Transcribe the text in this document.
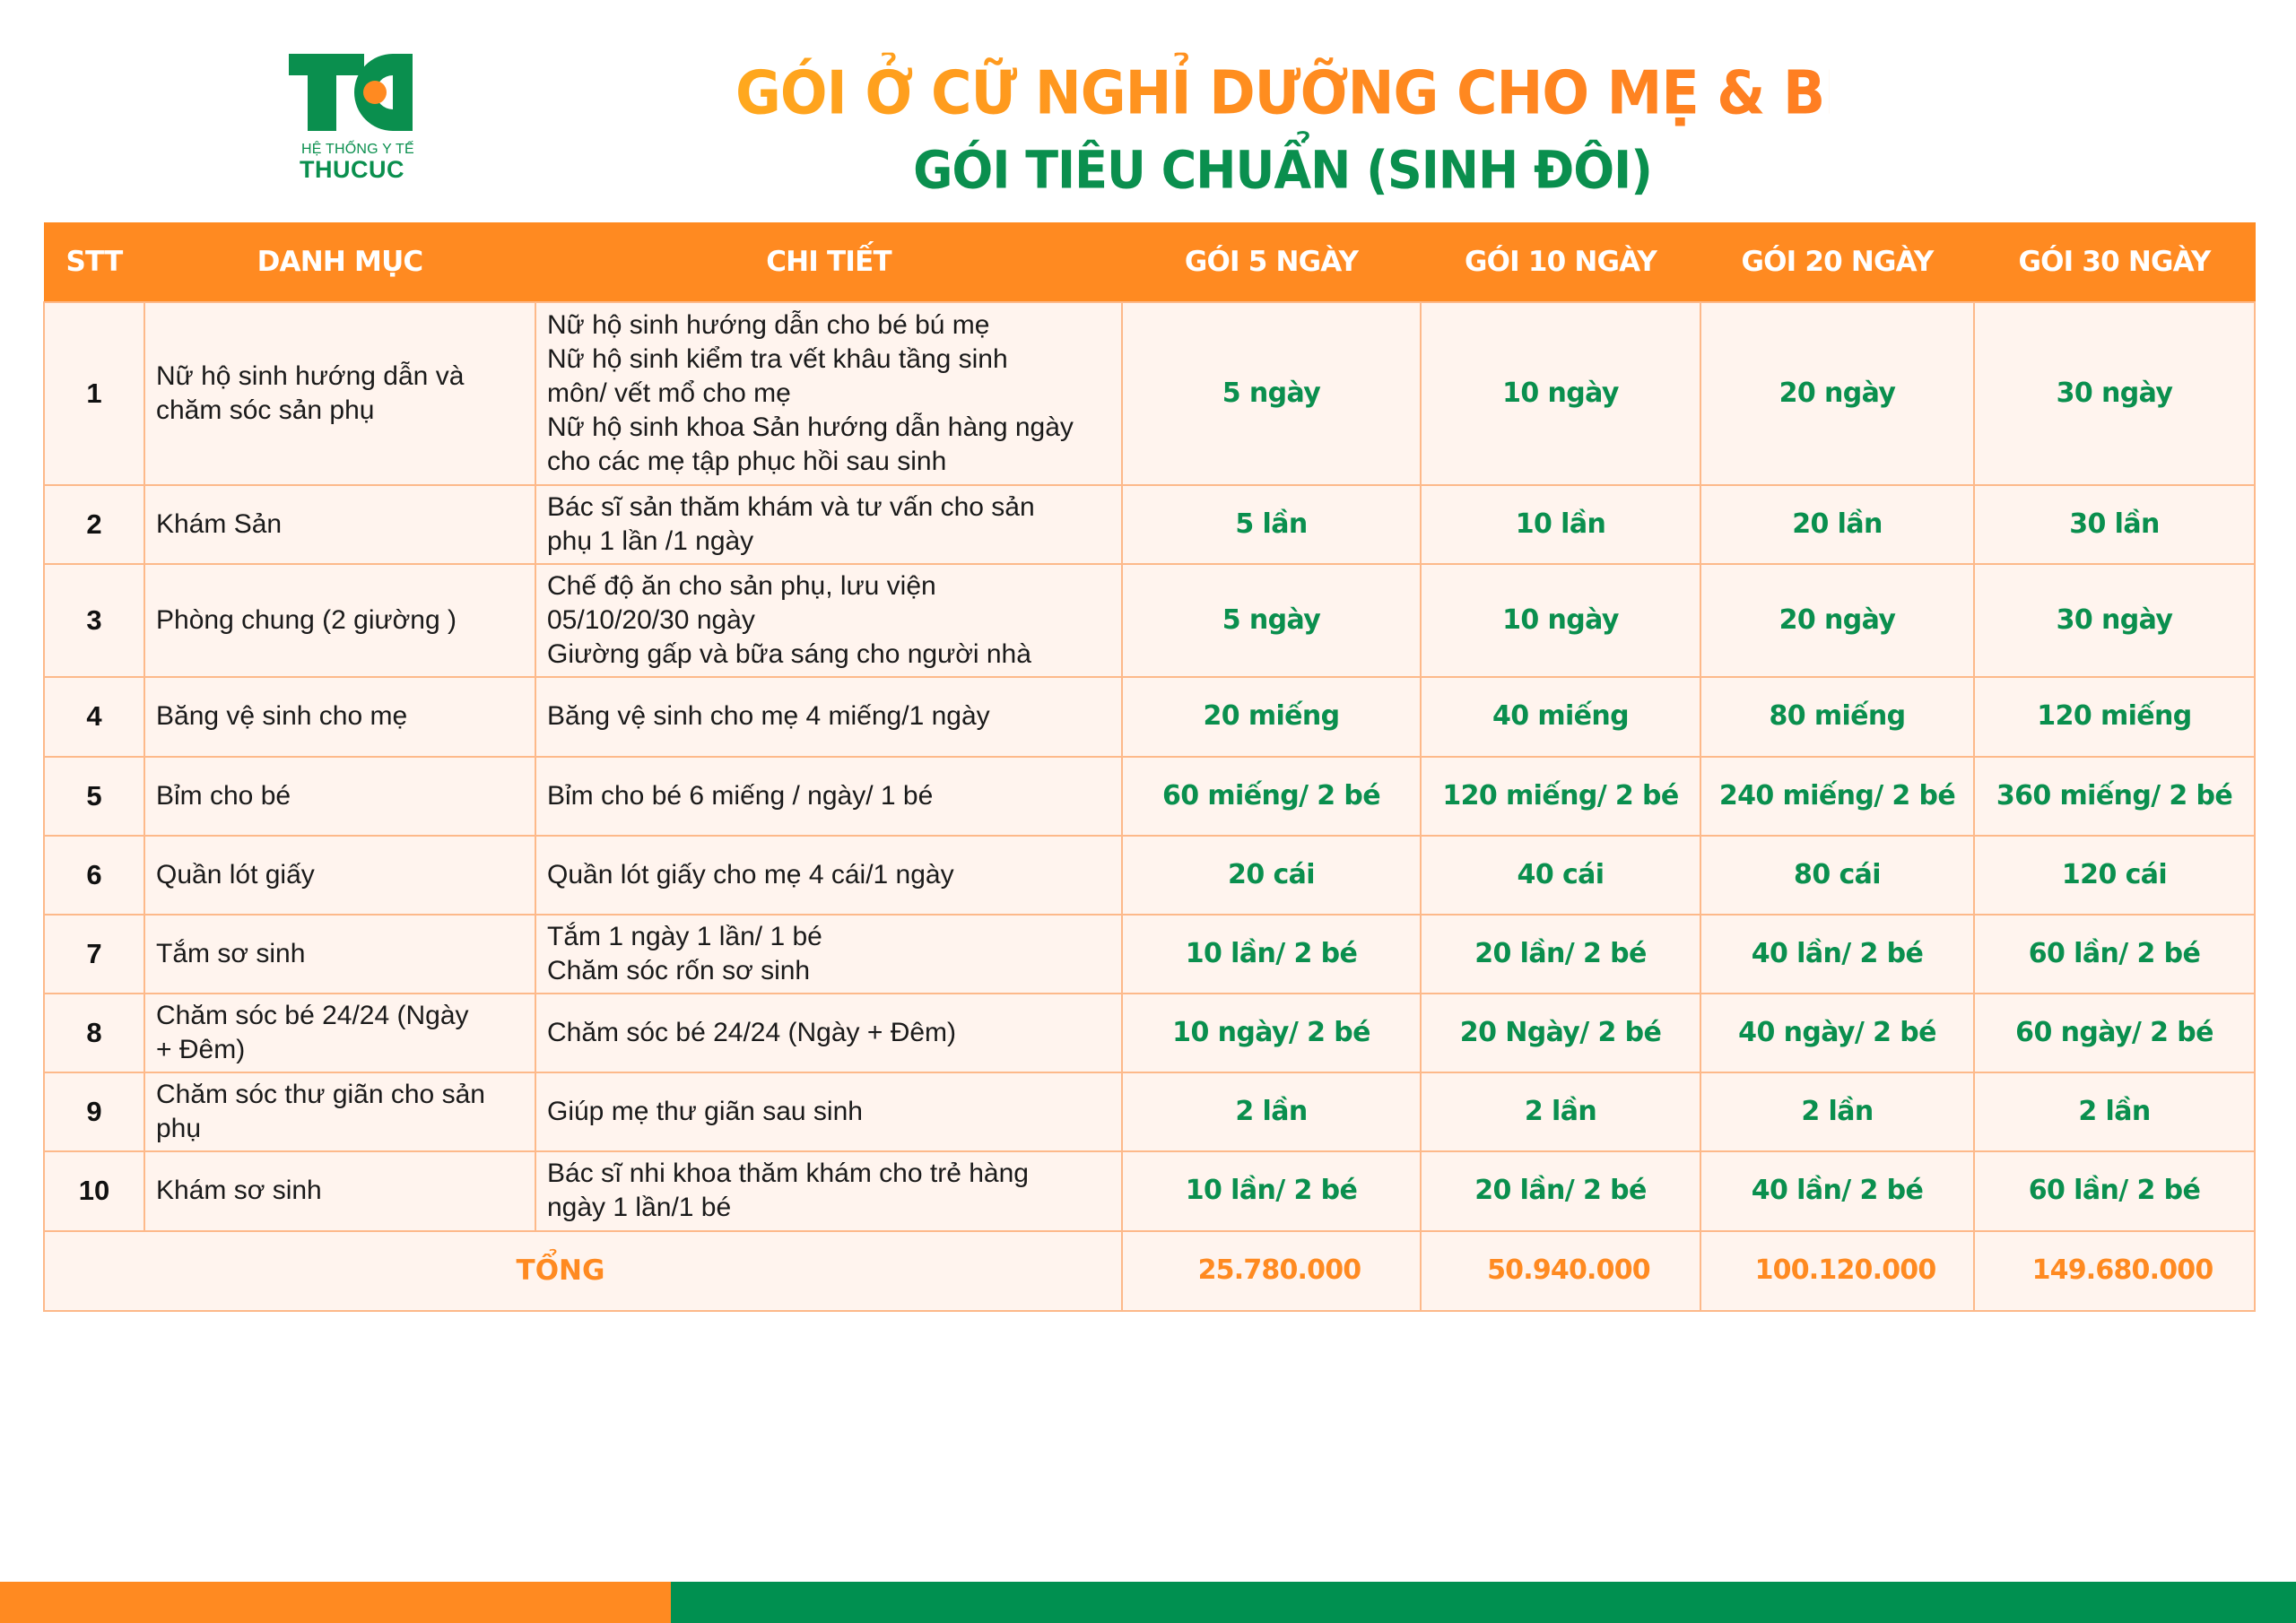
HỆ THỐNG Y TẾ
THUCUC
GÓI Ở CỮ NGHỈ DƯỠNG CHO MẸ & BÉ
GÓI TIÊU CHUẨN (SINH ĐÔI)
STT	DANH MỤC	CHI TIẾT	GÓI 5 NGÀY	GÓI 10 NGÀY	GÓI 20 NGÀY	GÓI 30 NGÀY
1	Nữ hộ sinh hướng dẫn và
chăm sóc sản phụ	Nữ hộ sinh hướng dẫn cho bé bú mẹ
Nữ hộ sinh kiểm tra vết khâu tầng sinh
môn/ vết mổ cho mẹ
Nữ hộ sinh khoa Sản hướng dẫn hàng ngày
cho các mẹ tập phục hồi sau sinh	5 ngày	10 ngày	20 ngày	30 ngày
2	Khám Sản	Bác sĩ sản thăm khám và tư vấn cho sản
phụ 1 lần /1 ngày	5 lần	10 lần	20 lần	30 lần
3	Phòng chung (2 giường )	Chế độ ăn cho sản phụ, lưu viện
05/10/20/30 ngày
Giường gấp và bữa sáng cho người nhà	5 ngày	10 ngày	20 ngày	30 ngày
4	Băng vệ sinh cho mẹ	Băng vệ sinh cho mẹ 4 miếng/1 ngày	20 miếng	40 miếng	80 miếng	120 miếng
5	Bỉm cho bé	Bỉm cho bé 6 miếng / ngày/ 1 bé	60 miếng/ 2 bé	120 miếng/ 2 bé	240 miếng/ 2 bé	360 miếng/ 2 bé
6	Quần lót giấy	Quần lót giấy cho mẹ 4 cái/1 ngày	20 cái	40 cái	80 cái	120 cái
7	Tắm sơ sinh	Tắm 1 ngày 1 lần/ 1 bé
Chăm sóc rốn sơ sinh	10 lần/ 2 bé	20 lần/ 2 bé	40 lần/ 2 bé	60 lần/ 2 bé
8	Chăm sóc bé 24/24 (Ngày
+ Đêm)	Chăm sóc bé 24/24 (Ngày + Đêm)	10 ngày/ 2 bé	20 Ngày/ 2 bé	40 ngày/ 2 bé	60 ngày/ 2 bé
9	Chăm sóc thư giãn cho sản
phụ	Giúp mẹ thư giãn sau sinh	2 lần	2 lần	2 lần	2 lần
10	Khám sơ sinh	Bác sĩ nhi khoa thăm khám cho trẻ hàng
ngày 1 lần/1 bé	10 lần/ 2 bé	20 lần/ 2 bé	40 lần/ 2 bé	60 lần/ 2 bé
TỔNG			25.780.000	50.940.000	100.120.000	149.680.000
